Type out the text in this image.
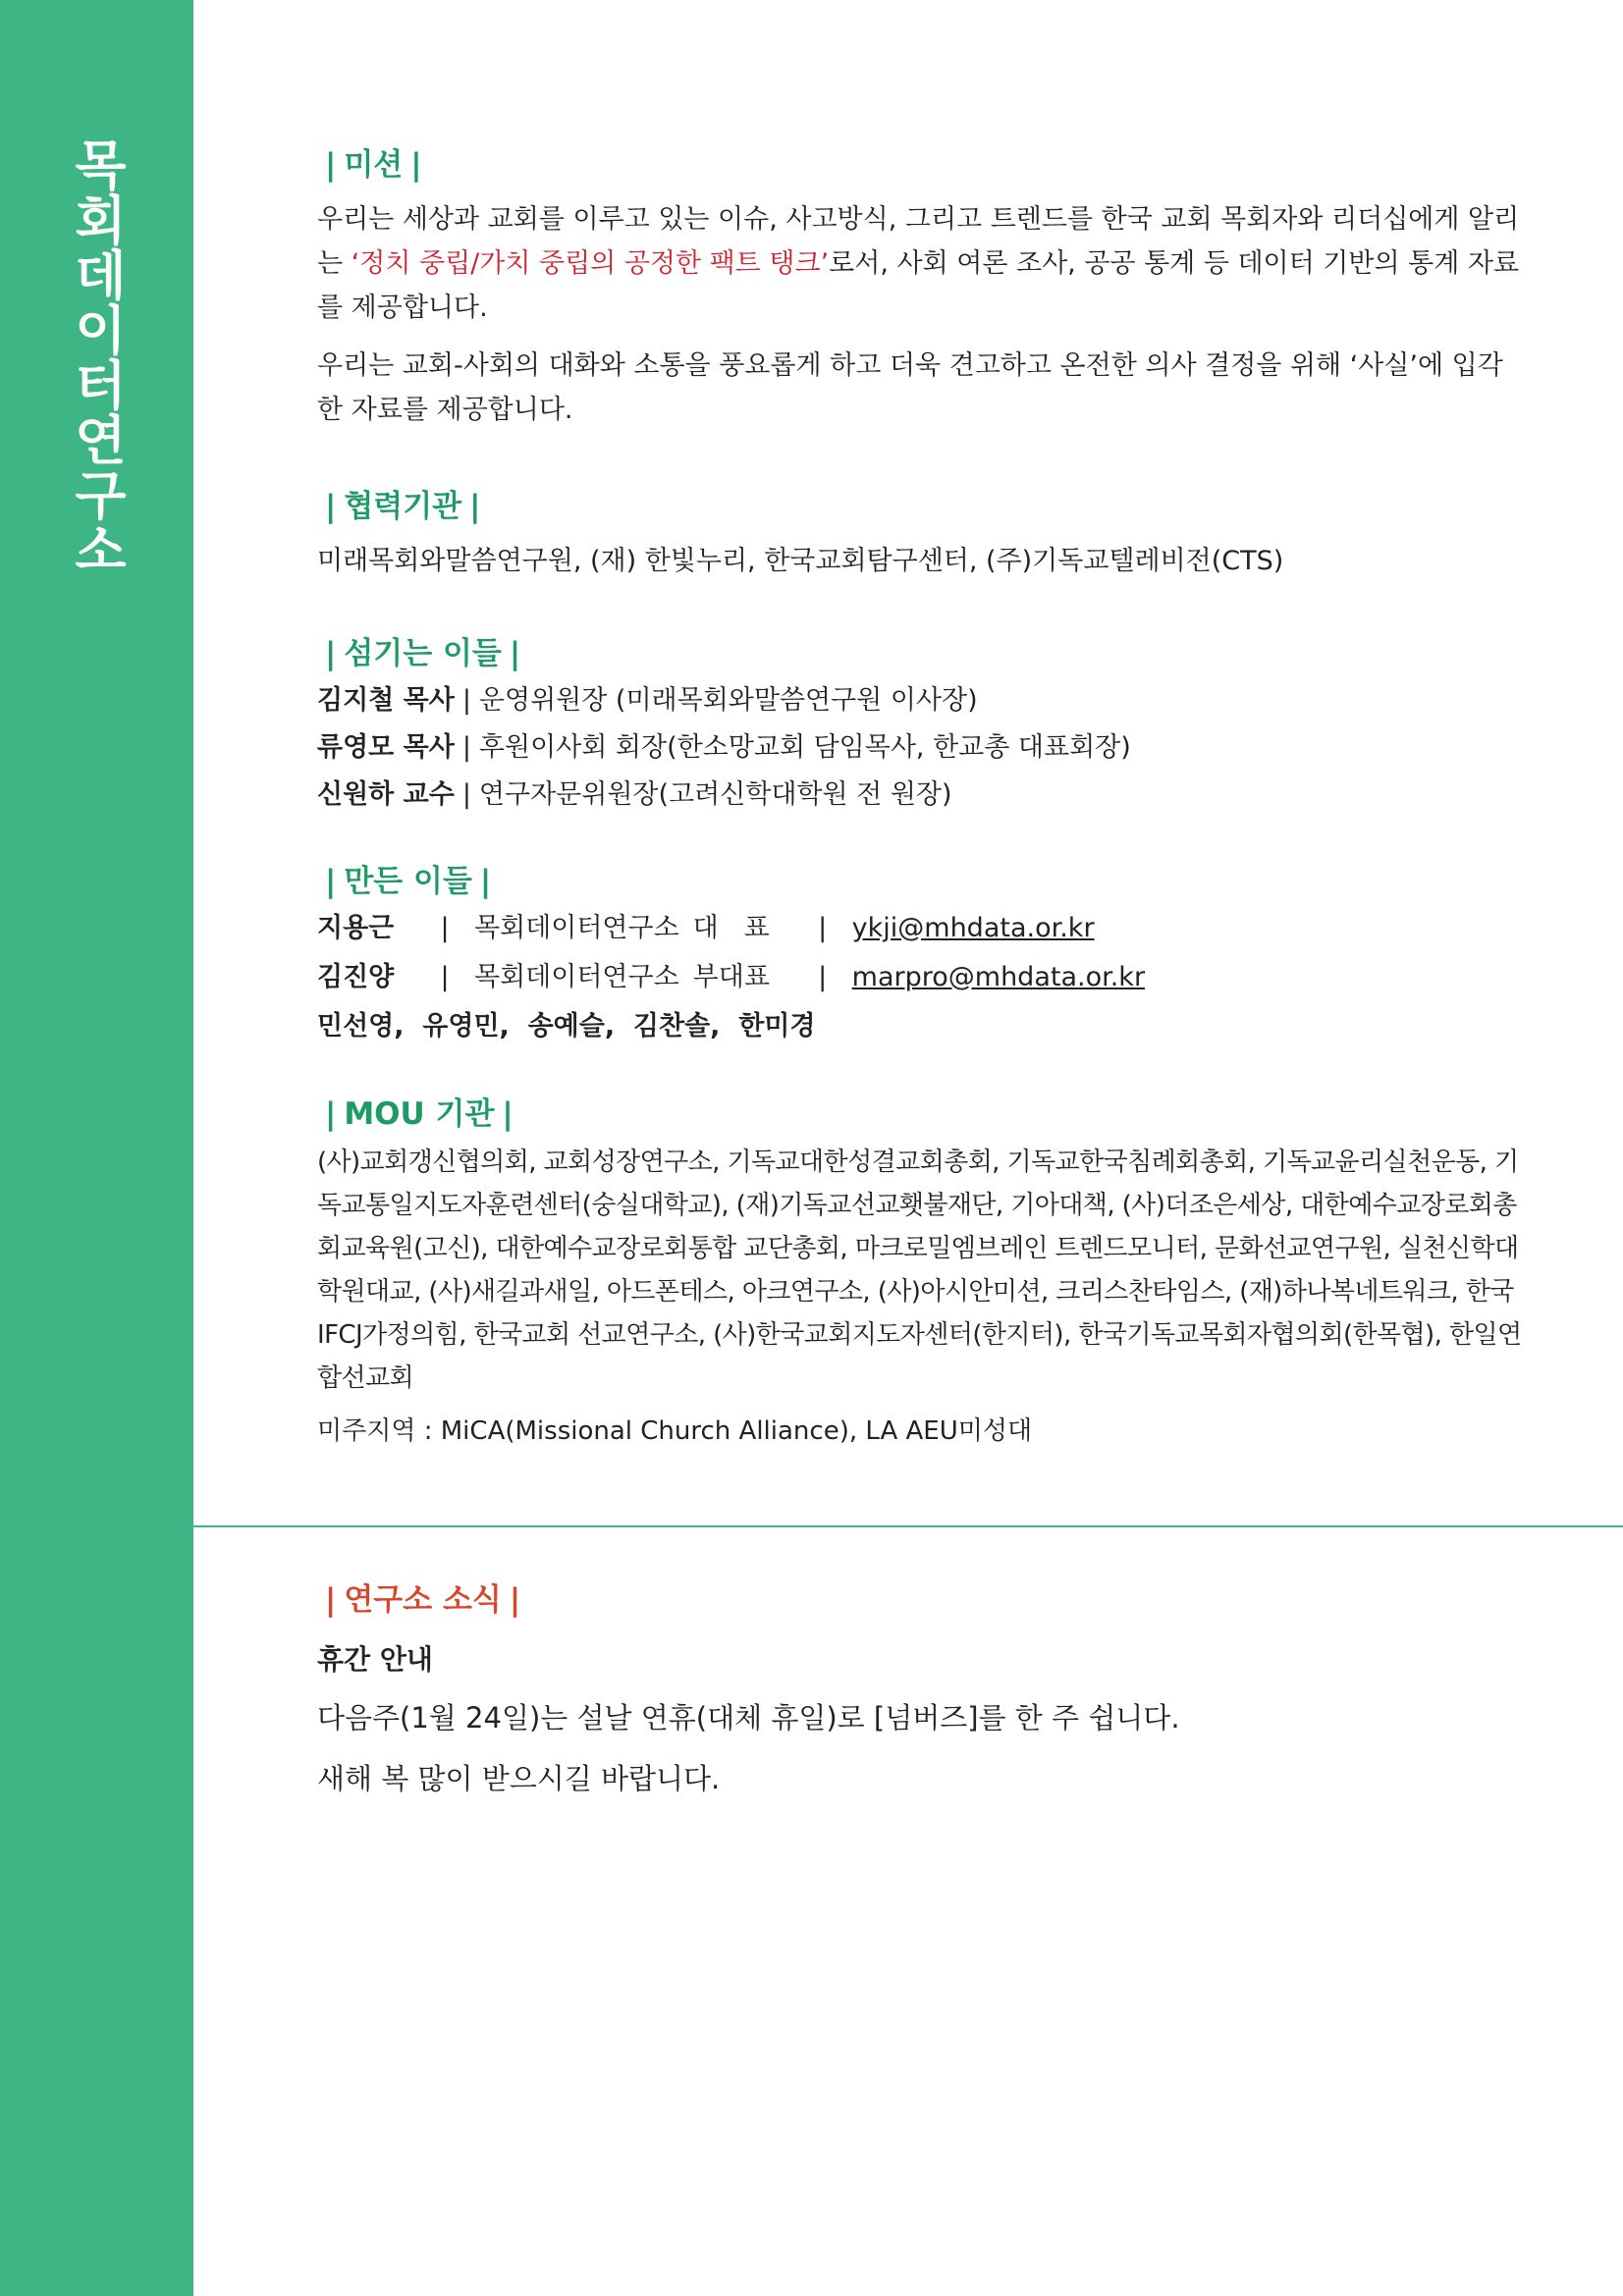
목회데이터연구소	| 미션 |

우리는 세상과 교회를 이루고 있는 이슈, 사고방식, 그리고 트렌드를 한국 교회 목회자와 리더십에게 알리는 ‘정치 중립/가치 중립의 공정한 팩트 탱크’로서, 사회 여론 조사, 공공 통계 등 데이터 기반의 통계 자료를 제공합니다.

우리는 교회-사회의 대화와 소통을 풍요롭게 하고 더욱 견고하고 온전한 의사 결정을 위해 ‘사실’에 입각한 자료를 제공합니다.

| 협력기관 |
미래목회와말씀연구원, (재) 한빛누리, 한국교회탐구센터, (주)기독교텔레비전(CTS)
| 섬기는 이들 |
김지철 목사 | 운영위원장 (미래목회와말씀연구원 이사장)
류영모 목사 | 후원이사회 회장(한소망교회 담임목사, 한교총 대표회장)
신원하 교수 | 연구자문위원장(고려신학대학원 전 원장)
| 만든 이들 |
지용근	| 목회데이터연구소 대   표	| ykji@mhdata.or.kr
김진양	| 목회데이터연구소 부대표	| marpro@mhdata.or.kr
민선영,  유영민,  송예슬,  김찬솔,  한미경
| MOU 기관 |

(사)교회갱신협의회, 교회성장연구소, 기독교대한성결교회총회, 기독교한국침례회총회, 기독교윤리실천운동, 기독교통일지도자훈련센터(숭실대학교), (재)기독교선교횃불재단, 기아대책, (사)더조은세상, 대한예수교장로회총회교육원(고신), 대한예수교장로회통합 교단총회, 마크로밀엠브레인 트렌드모니터, 문화선교연구원, 실천신학대학원대교, (사)새길과새일, 아드폰테스, 아크연구소, (사)아시안미션, 크리스찬타임스, (재)하나복네트워크, 한국IFCJ가정의힘, 한국교회 선교연구소, (사)한국교회지도자센터(한지터), 한국기독교목회자협의회(한목협), 한일연합선교회

미주지역 : MiCA(Missional Church Alliance), LA AEU미성대
| 연구소 소식 |
휴간 안내
다음주(1월 24일)는 설날 연휴(대체 휴일)로 [넘버즈]를 한 주 쉽니다.
새해 복 많이 받으시길 바랍니다.
